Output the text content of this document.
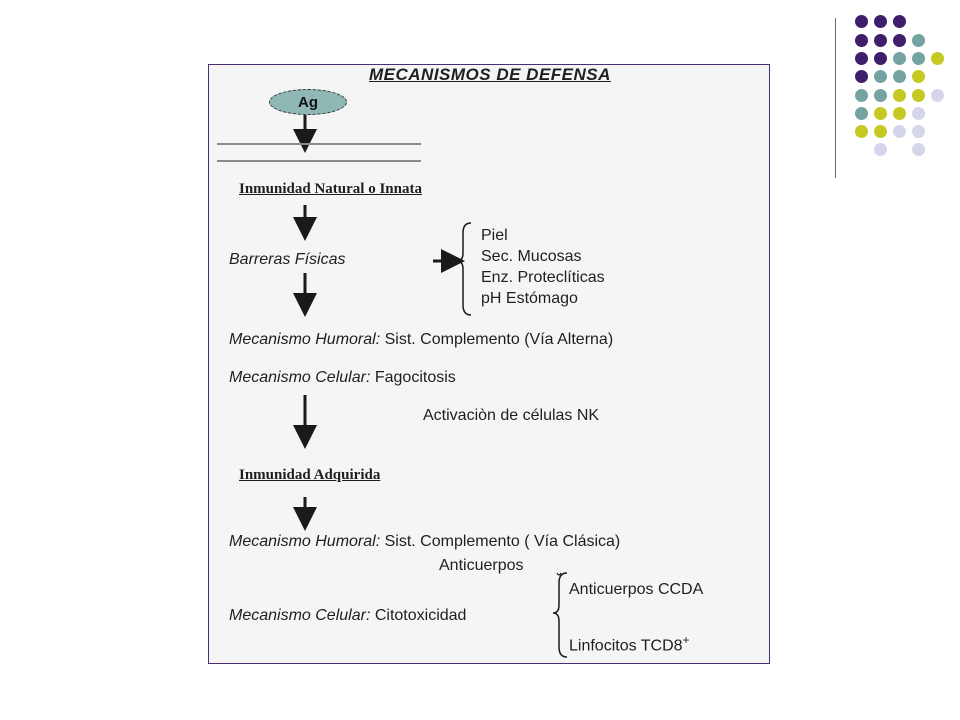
MECANISMOS DE DEFENSA
Ag
Inmunidad Natural o Innata
Barreras Físicas
Piel
Sec. Mucosas
Enz. Proteclíticas
pH Estómago
Mecanismo Humoral: Sist. Complemento (Vía Alterna)
Mecanismo Celular: Fagocitosis
Activaciòn de células NK
Inmunidad Adquirida
Mecanismo Humoral: Sist. Complemento ( Vía Clásica)
Anticuerpos
Mecanismo Celular: Citotoxicidad
Anticuerpos CCDA
Linfocitos TCD8+
